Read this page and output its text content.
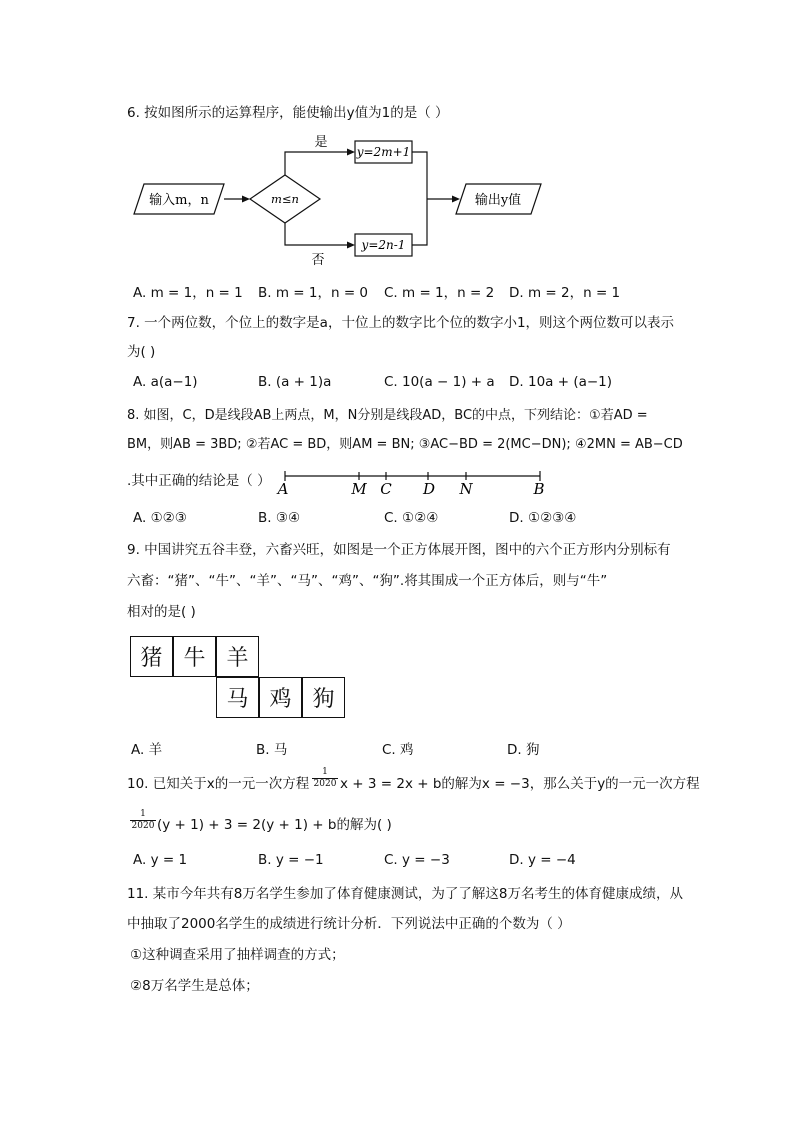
6. 按如图所示的运算程序，能使输出y值为1的是（ ）
输入m，n	m≤n
是
y=2m+1
否
y=2n-1
输出y值
A	M C D N	B
A. m = 1，n = 1 B. m = 1，n = 0 C. m = 1，n = 2 D. m = 2，n = 1
7. 一个两位数，个位上的数字是a，十位上的数字比个位的数字小1，则这个两位数可以表示
为( )
A. a(a−1)	B. (a + 1)a	C. 10(a − 1) + a D. 10a + (a−1)
8. 如图，C，D是线段AB上两点，M，N分别是线段AD，BC的中点，下列结论：①若AD =
BM，则AB = 3BD; ②若AC = BD，则AM = BN; ③AC−BD = 2(MC−DN); ④2MN = AB−CD
.其中正确的结论是（ ）
A. ①②③	B. ③④	C. ①②④	D. ①②③④
9. 中国讲究五谷丰登，六畜兴旺，如图是一个正方体展开图，图中的六个正方形内分别标有
六畜：“猪”、“牛”、“羊”、“马”、“鸡”、“狗”.将其围成一个正方体后，则与“牛”
相对的是( )
猪 牛 羊
马 鸡 狗
A. 羊	B. 马	C. 鸡	D. 狗
10. 已知关于x的一元一次方程 $\frac{1}{2020}$ x + 3 = 2x + b的解为x = −3，那么关于y的一元一次方程
$\frac{1}{2020} (y + 1) + 3 = 2(y + 1) + b$的解为( )
A. y = 1	B. y = −1	C. y = −3	D. y = −4
11. 某市今年共有8万名学生参加了体育健康测试，为了了解这8万名考生的体育健康成绩，从
中抽取了2000名学生的成绩进行统计分析．下列说法中正确的个数为（ ）
①这种调查采用了抽样调查的方式；
②8万名学生是总体；
